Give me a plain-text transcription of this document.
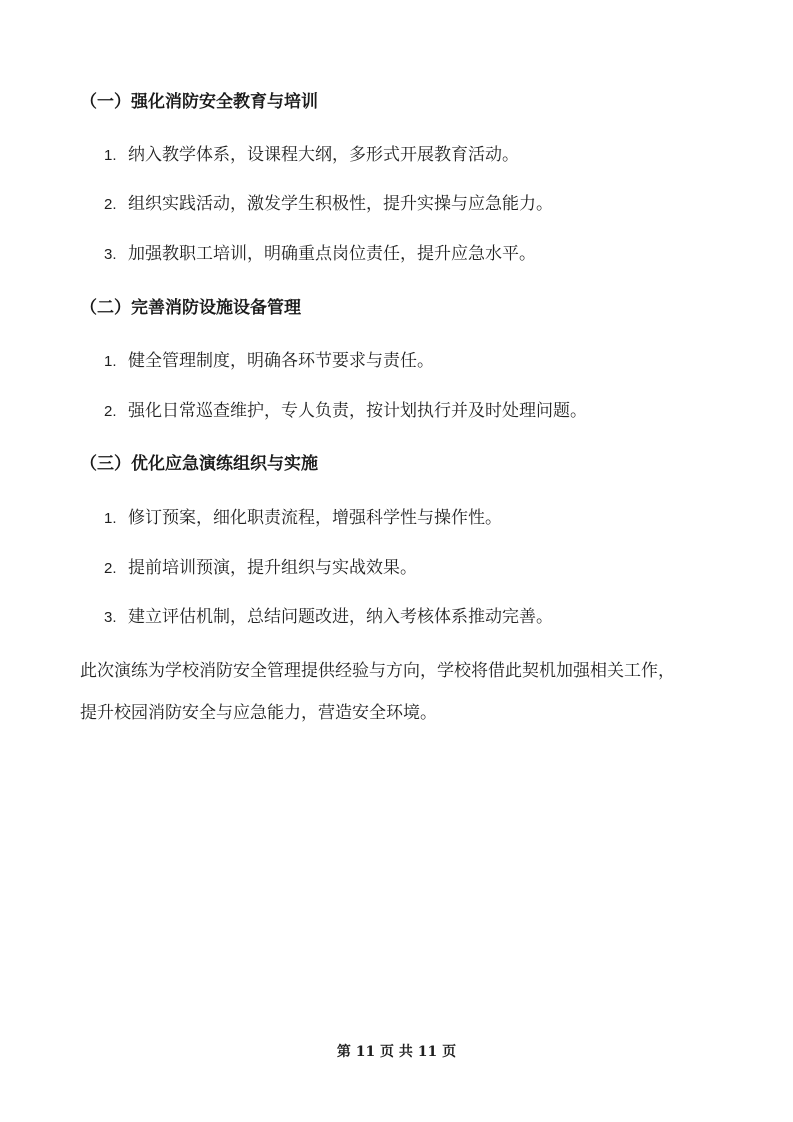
（一）强化消防安全教育与培训
1. 纳入教学体系，设课程大纲，多形式开展教育活动。
2. 组织实践活动，激发学生积极性，提升实操与应急能力。
3. 加强教职工培训，明确重点岗位责任，提升应急水平。
（二）完善消防设施设备管理
1. 健全管理制度，明确各环节要求与责任。
2. 强化日常巡查维护，专人负责，按计划执行并及时处理问题。
（三）优化应急演练组织与实施
1. 修订预案，细化职责流程，增强科学性与操作性。
2. 提前培训预演，提升组织与实战效果。
3. 建立评估机制，总结问题改进，纳入考核体系推动完善。
此次演练为学校消防安全管理提供经验与方向，学校将借此契机加强相关工作，
提升校园消防安全与应急能力，营造安全环境。
第 11 页 共 11 页
